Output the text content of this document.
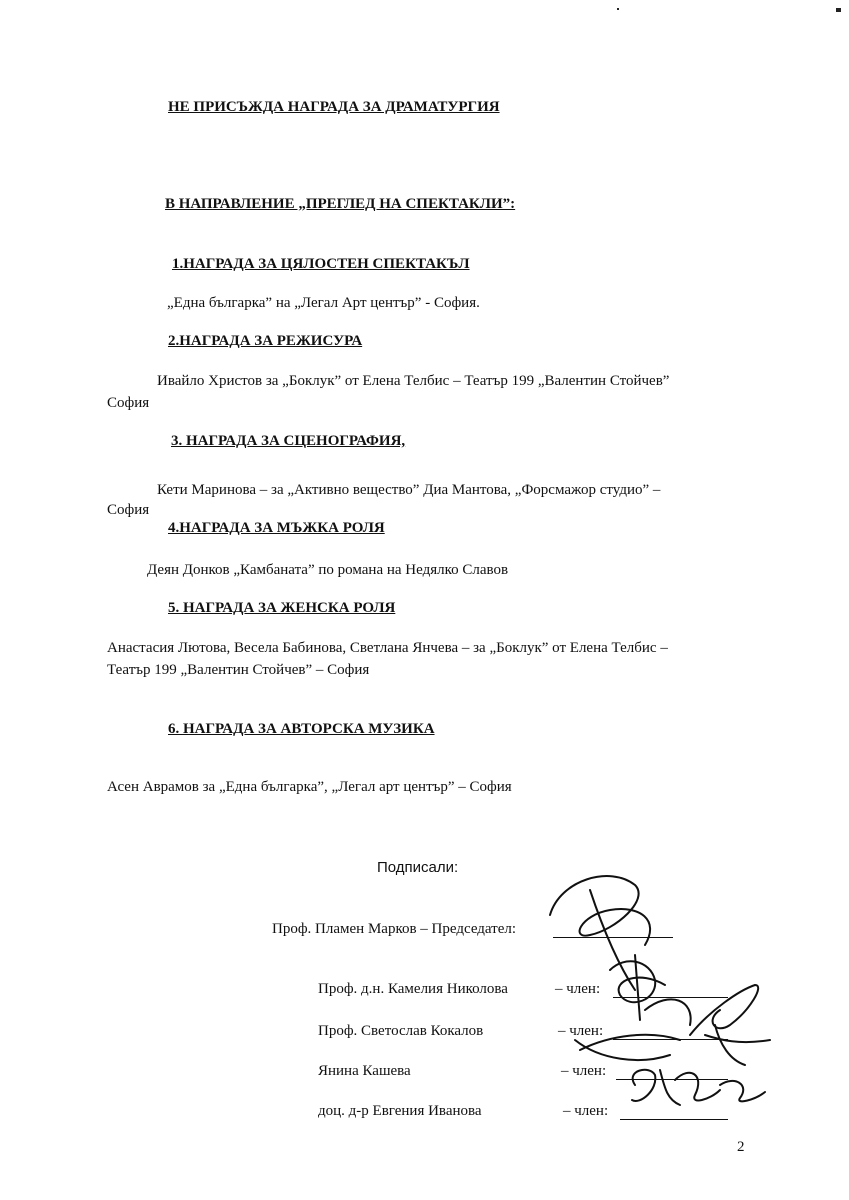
НЕ ПРИСЪЖДА НАГРАДА ЗА ДРАМАТУРГИЯ
В НАПРАВЛЕНИЕ „ПРЕГЛЕД НА СПЕКТАКЛИ”:
1.НАГРАДА ЗА ЦЯЛОСТЕН СПЕКТАКЪЛ
„Една българка” на „Легал Арт център” - София.
2.НАГРАДА ЗА РЕЖИСУРА
Ивайло Христов за „Боклук” от Елена Телбис – Театър 199 „Валентин Стойчев”
София
3. НАГРАДА ЗА СЦЕНОГРАФИЯ,
Кети Маринова – за „Активно вещество” Диа Мантова, „Форсмажор студио” –
София
4.НАГРАДА ЗА МЪЖКА РОЛЯ
Деян Донков „Камбаната” по романа на Недялко Славов
5. НАГРАДА ЗА ЖЕНСКА РОЛЯ
Анастасия Лютова, Весела Бабинова, Светлана Янчева – за „Боклук” от Елена Телбис –
Театър 199 „Валентин Стойчев” – София
6. НАГРАДА ЗА АВТОРСКА МУЗИКА
Асен Аврамов за „Една българка”, „Легал арт център” – София
Подписали:
Проф. Пламен Марков – Председател:
Проф. д.н. Камелия Николова	– член:
Проф. Светослав Кокалов	– член:
Янина Кашева	– член:
доц. д-р Евгения Иванова	– член:
2
